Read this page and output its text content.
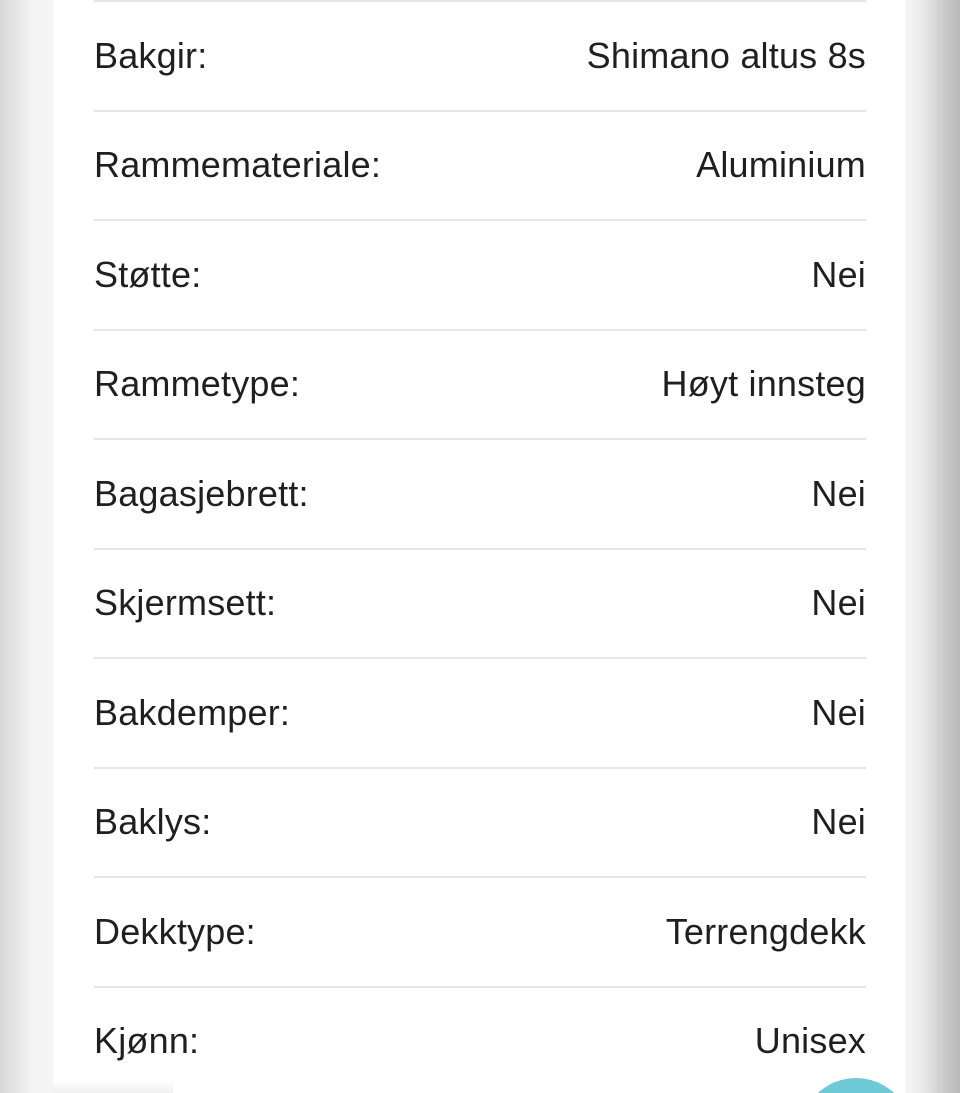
Bakgir:	Shimano altus 8s
Rammemateriale:	Aluminium
Støtte:	Nei
Rammetype:	Høyt innsteg
Bagasjebrett:	Nei
Skjermsett:	Nei
Bakdemper:	Nei
Baklys:	Nei
Dekktype:	Terrengdekk
Kjønn:	Unisex
